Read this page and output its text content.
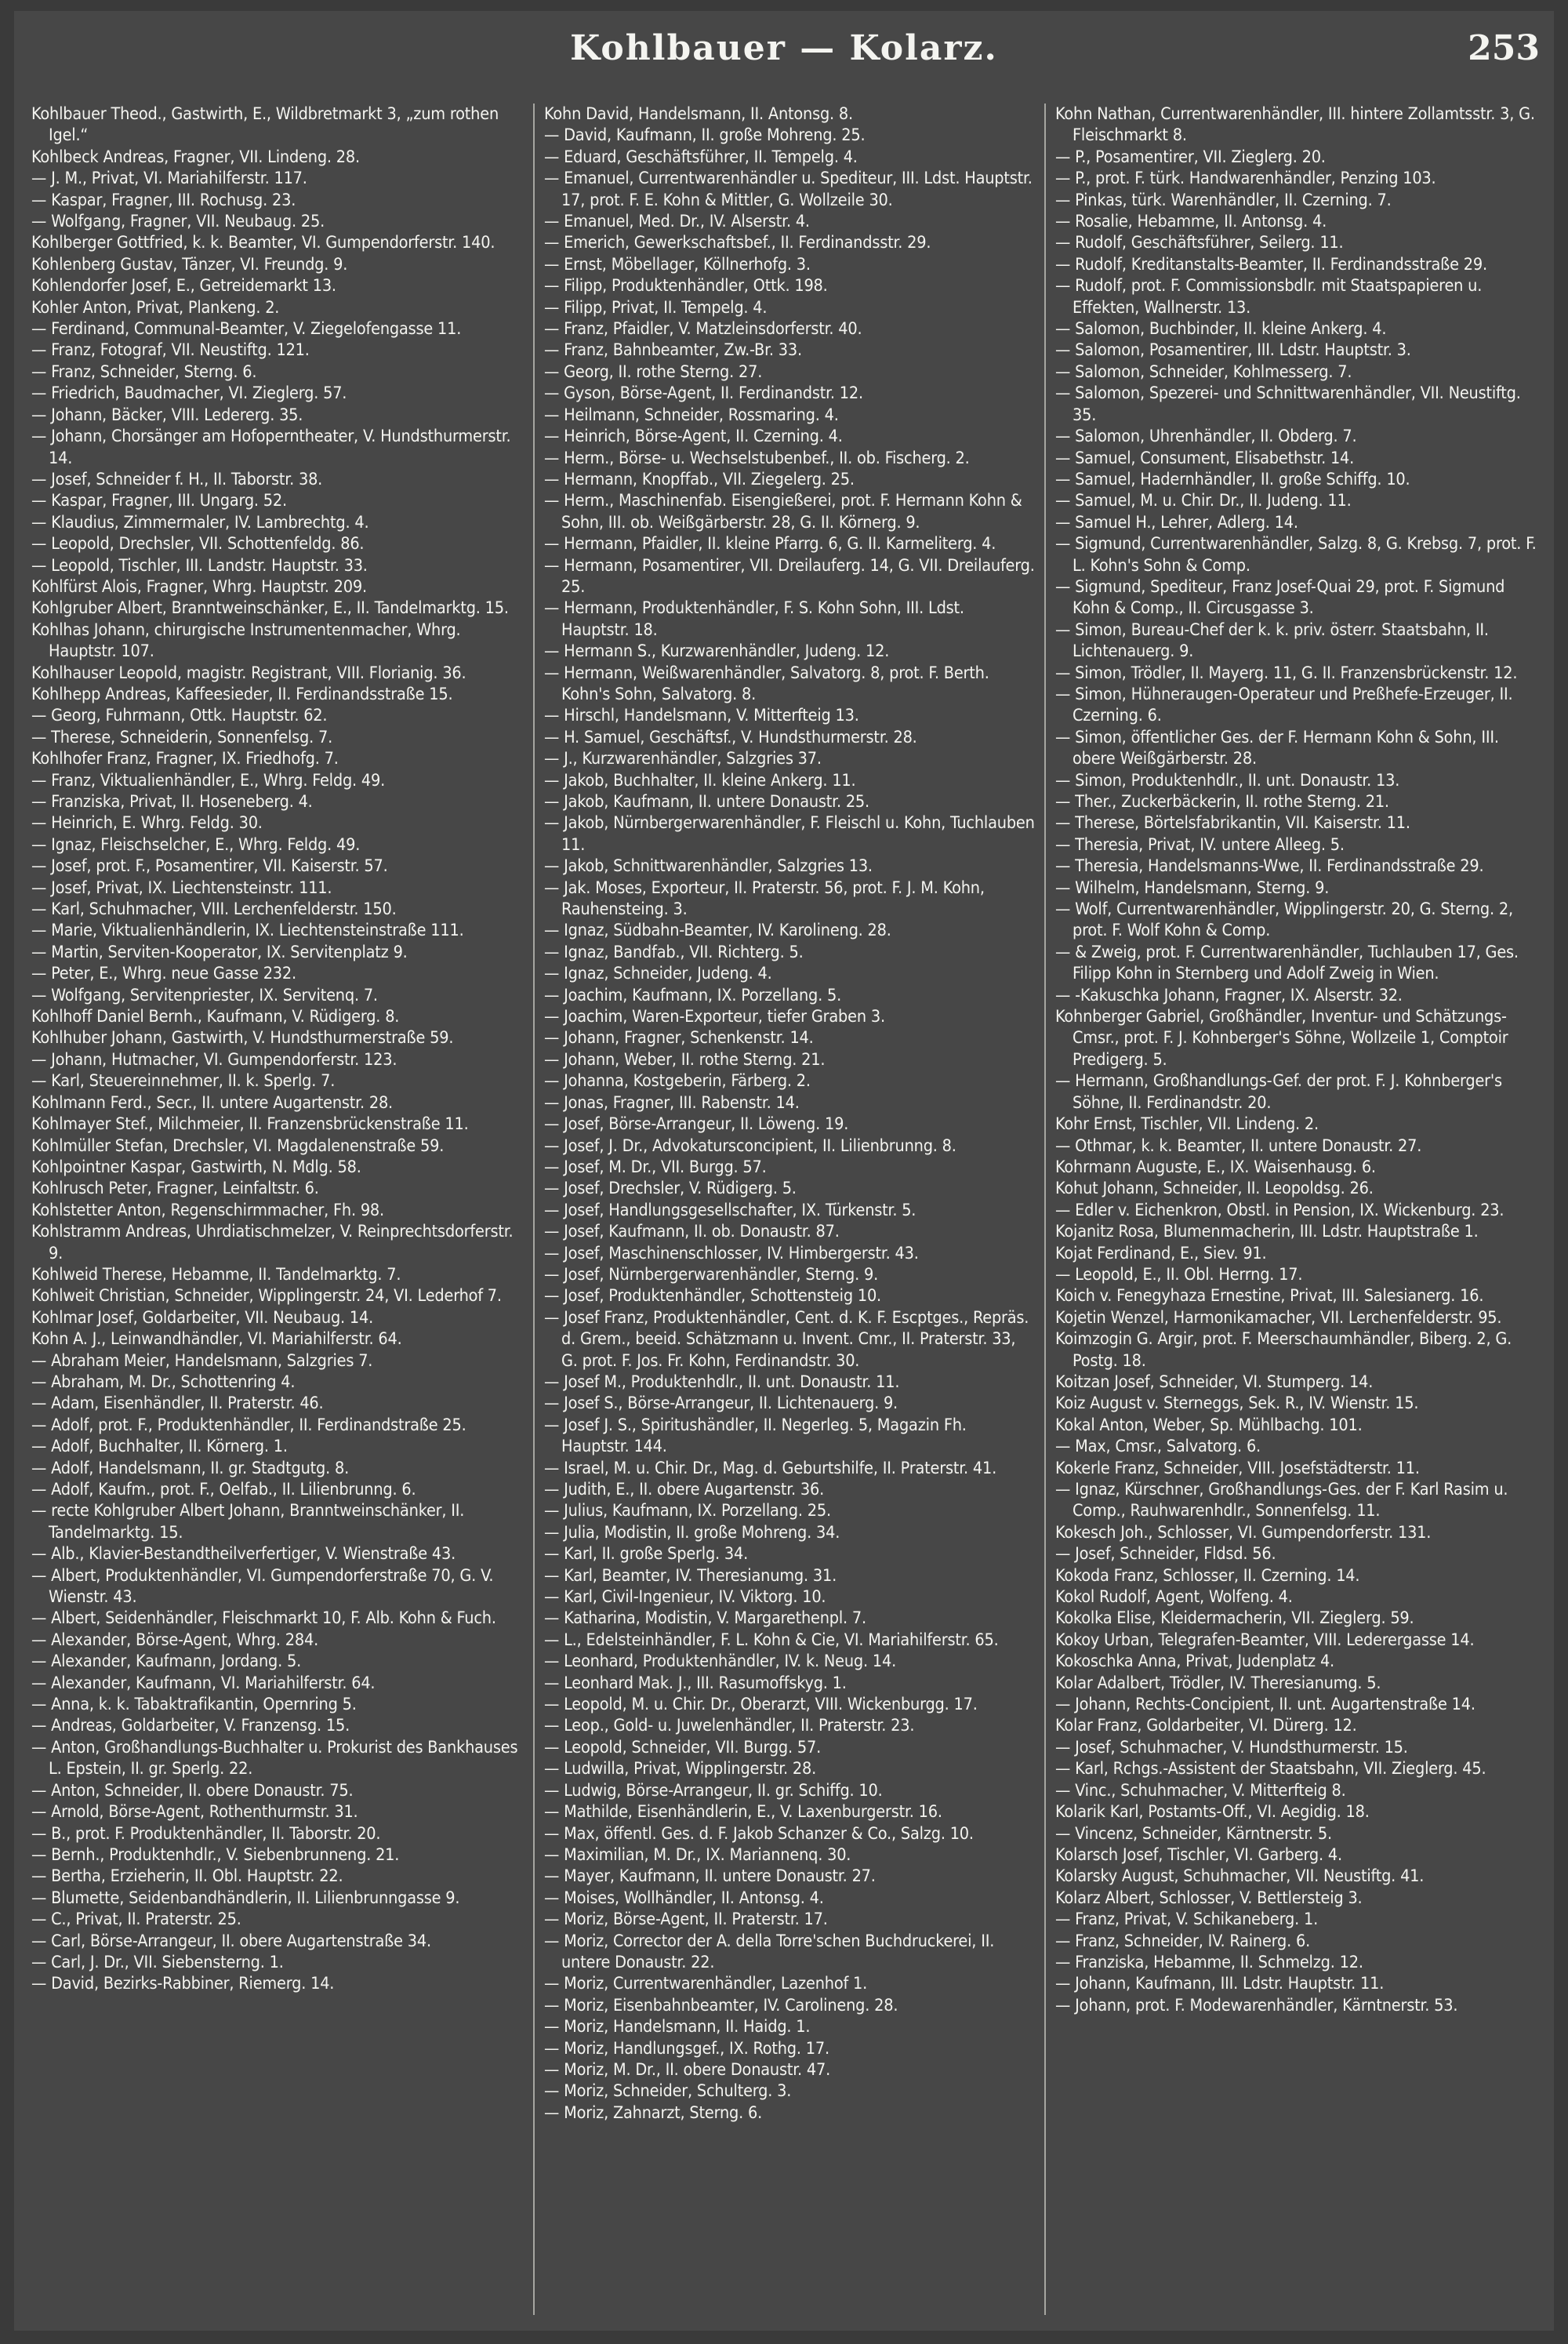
Kohlbauer — Kolarz.	253

Kohlbauer Theod., Gastwirth, E., Wildbretmarkt 3, „zum rothen Igel.“

Kohlbeck Andreas, Fragner, VII. Lindeng. 28.

— J. M., Privat, VI. Mariahilferstr. 117.

— Kaspar, Fragner, III. Rochusg. 23.

— Wolfgang, Fragner, VII. Neubaug. 25.

Kohlberger Gottfried, k. k. Beamter, VI. Gumpendorferstr. 140.

Kohlenberg Gustav, Tänzer, VI. Freundg. 9.

Kohlendorfer Josef, E., Getreidemarkt 13.

Kohler Anton, Privat, Plankeng. 2.

— Ferdinand, Communal-Beamter, V. Ziegelofengasse 11.

— Franz, Fotograf, VII. Neustiftg. 121.

— Franz, Schneider, Sterng. 6.

— Friedrich, Baudmacher, VI. Zieglerg. 57.

— Johann, Bäcker, VIII. Ledererg. 35.

— Johann, Chorsänger am Hofoperntheater, V. Hundsthurmerstr. 14.

— Josef, Schneider f. H., II. Taborstr. 38.

— Kaspar, Fragner, III. Ungarg. 52.

— Klaudius, Zimmermaler, IV. Lambrechtg. 4.

— Leopold, Drechsler, VII. Schottenfeldg. 86.

— Leopold, Tischler, III. Landstr. Hauptstr. 33.

Kohlfürst Alois, Fragner, Whrg. Hauptstr. 209.

Kohlgruber Albert, Branntweinschänker, E., II. Tandelmarktg. 15.

Kohlhas Johann, chirurgische Instrumentenmacher, Whrg. Hauptstr. 107.

Kohlhauser Leopold, magistr. Registrant, VIII. Florianig. 36.

Kohlhepp Andreas, Kaffeesieder, II. Ferdinandsstraße 15.

— Georg, Fuhrmann, Ottk. Hauptstr. 62.

— Therese, Schneiderin, Sonnenfelsg. 7.

Kohlhofer Franz, Fragner, IX. Friedhofg. 7.

— Franz, Viktualienhändler, E., Whrg. Feldg. 49.

— Franziska, Privat, II. Hoseneberg. 4.

— Heinrich, E. Whrg. Feldg. 30.

— Ignaz, Fleischselcher, E., Whrg. Feldg. 49.

— Josef, prot. F., Posamentirer, VII. Kaiserstr. 57.

— Josef, Privat, IX. Liechtensteinstr. 111.

— Karl, Schuhmacher, VIII. Lerchenfelderstr. 150.

— Marie, Viktualienhändlerin, IX. Liechtensteinstraße 111.

— Martin, Serviten-Kooperator, IX. Servitenplatz 9.

— Peter, E., Whrg. neue Gasse 232.

— Wolfgang, Servitenpriester, IX. Servitenq. 7.

Kohlhoff Daniel Bernh., Kaufmann, V. Rüdigerg. 8.

Kohlhuber Johann, Gastwirth, V. Hundsthurmerstraße 59.

— Johann, Hutmacher, VI. Gumpendorferstr. 123.

— Karl, Steuereinnehmer, II. k. Sperlg. 7.

Kohlmann Ferd., Secr., II. untere Augartenstr. 28.

Kohlmayer Stef., Milchmeier, II. Franzensbrückenstraße 11.

Kohlmüller Stefan, Drechsler, VI. Magdalenenstraße 59.

Kohlpointner Kaspar, Gastwirth, N. Mdlg. 58.

Kohlrusch Peter, Fragner, Leinfaltstr. 6.

Kohlstetter Anton, Regenschirmmacher, Fh. 98.

Kohlstramm Andreas, Uhrdiatischmelzer, V. Reinprechtsdorferstr. 9.

Kohlweid Therese, Hebamme, II. Tandelmarktg. 7.

Kohlweit Christian, Schneider, Wipplingerstr. 24, VI. Lederhof 7.

Kohlmar Josef, Goldarbeiter, VII. Neubaug. 14.

Kohn A. J., Leinwandhändler, VI. Mariahilferstr. 64.

— Abraham Meier, Handelsmann, Salzgries 7.

— Abraham, M. Dr., Schottenring 4.

— Adam, Eisenhändler, II. Praterstr. 46.

— Adolf, prot. F., Produktenhändler, II. Ferdinandstraße 25.

— Adolf, Buchhalter, II. Körnerg. 1.

— Adolf, Handelsmann, II. gr. Stadtgutg. 8.

— Adolf, Kaufm., prot. F., Oelfab., II. Lilienbrunng. 6.

— recte Kohlgruber Albert Johann, Branntweinschänker, II. Tandelmarktg. 15.

— Alb., Klavier-Bestandtheilverfertiger, V. Wienstraße 43.

— Albert, Produktenhändler, VI. Gumpendorferstraße 70, G. V. Wienstr. 43.

— Albert, Seidenhändler, Fleischmarkt 10, F. Alb. Kohn & Fuch.

— Alexander, Börse-Agent, Whrg. 284.

— Alexander, Kaufmann, Jordang. 5.

— Alexander, Kaufmann, VI. Mariahilferstr. 64.

— Anna, k. k. Tabaktrafikantin, Opernring 5.

— Andreas, Goldarbeiter, V. Franzensg. 15.

— Anton, Großhandlungs-Buchhalter u. Prokurist des Bankhauses L. Epstein, II. gr. Sperlg. 22.

— Anton, Schneider, II. obere Donaustr. 75.

— Arnold, Börse-Agent, Rothenthurmstr. 31.

— B., prot. F. Produktenhändler, II. Taborstr. 20.

— Bernh., Produktenhdlr., V. Siebenbrunneng. 21.

— Bertha, Erzieherin, II. Obl. Hauptstr. 22.

— Blumette, Seidenbandhändlerin, II. Lilienbrunngasse 9.

— C., Privat, II. Praterstr. 25.

— Carl, Börse-Arrangeur, II. obere Augartenstraße 34.

— Carl, J. Dr., VII. Siebensterng. 1.

— David, Bezirks-Rabbiner, Riemerg. 14.

Kohn David, Handelsmann, II. Antonsg. 8.

— David, Kaufmann, II. große Mohreng. 25.

— Eduard, Geschäftsführer, II. Tempelg. 4.

— Emanuel, Currentwarenhändler u. Spediteur, III. Ldst. Hauptstr. 17, prot. F. E. Kohn & Mittler, G. Wollzeile 30.

— Emanuel, Med. Dr., IV. Alserstr. 4.

— Emerich, Gewerkschaftsbef., II. Ferdinandsstr. 29.

— Ernst, Möbellager, Köllnerhofg. 3.

— Filipp, Produktenhändler, Ottk. 198.

— Filipp, Privat, II. Tempelg. 4.

— Franz, Pfaidler, V. Matzleinsdorferstr. 40.

— Franz, Bahnbeamter, Zw.-Br. 33.

— Georg, II. rothe Sterng. 27.

— Gyson, Börse-Agent, II. Ferdinandstr. 12.

— Heilmann, Schneider, Rossmaring. 4.

— Heinrich, Börse-Agent, II. Czerning. 4.

— Herm., Börse- u. Wechselstubenbef., II. ob. Fischerg. 2.

— Hermann, Knopffab., VII. Ziegelerg. 25.

— Herm., Maschinenfab. Eisengießerei, prot. F. Hermann Kohn & Sohn, III. ob. Weißgärberstr. 28, G. II. Körnerg. 9.

— Hermann, Pfaidler, II. kleine Pfarrg. 6, G. II. Karmeliterg. 4.

— Hermann, Posamentirer, VII. Dreilauferg. 14, G. VII. Dreilauferg. 25.

— Hermann, Produktenhändler, F. S. Kohn Sohn, III. Ldst. Hauptstr. 18.

— Hermann S., Kurzwarenhändler, Judeng. 12.

— Hermann, Weißwarenhändler, Salvatorg. 8, prot. F. Berth. Kohn's Sohn, Salvatorg. 8.

— Hirschl, Handelsmann, V. Mitterfteig 13.

— H. Samuel, Geschäftsf., V. Hundsthurmerstr. 28.

— J., Kurzwarenhändler, Salzgries 37.

— Jakob, Buchhalter, II. kleine Ankerg. 11.

— Jakob, Kaufmann, II. untere Donaustr. 25.

— Jakob, Nürnbergerwarenhändler, F. Fleischl u. Kohn, Tuchlauben 11.

— Jakob, Schnittwarenhändler, Salzgries 13.

— Jak. Moses, Exporteur, II. Praterstr. 56, prot. F. J. M. Kohn, Rauhensteing. 3.

— Ignaz, Südbahn-Beamter, IV. Karolineng. 28.

— Ignaz, Bandfab., VII. Richterg. 5.

— Ignaz, Schneider, Judeng. 4.

— Joachim, Kaufmann, IX. Porzellang. 5.

— Joachim, Waren-Exporteur, tiefer Graben 3.

— Johann, Fragner, Schenkenstr. 14.

— Johann, Weber, II. rothe Sterng. 21.

— Johanna, Kostgeberin, Färberg. 2.

— Jonas, Fragner, III. Rabenstr. 14.

— Josef, Börse-Arrangeur, II. Löweng. 19.

— Josef, J. Dr., Advokatursconcipient, II. Lilienbrunng. 8.

— Josef, M. Dr., VII. Burgg. 57.

— Josef, Drechsler, V. Rüdigerg. 5.

— Josef, Handlungsgesellschafter, IX. Türkenstr. 5.

— Josef, Kaufmann, II. ob. Donaustr. 87.

— Josef, Maschinenschlosser, IV. Himbergerstr. 43.

— Josef, Nürnbergerwarenhändler, Sterng. 9.

— Josef, Produktenhändler, Schottensteig 10.

— Josef Franz, Produktenhändler, Cent. d. K. F. Escptges., Repräs. d. Grem., beeid. Schätzmann u. Invent. Cmr., II. Praterstr. 33, G. prot. F. Jos. Fr. Kohn, Ferdinandstr. 30.

— Josef M., Produktenhdlr., II. unt. Donaustr. 11.

— Josef S., Börse-Arrangeur, II. Lichtenauerg. 9.

— Josef J. S., Spiritushändler, II. Negerleg. 5, Magazin Fh. Hauptstr. 144.

— Israel, M. u. Chir. Dr., Mag. d. Geburtshilfe, II. Praterstr. 41.

— Judith, E., II. obere Augartenstr. 36.

— Julius, Kaufmann, IX. Porzellang. 25.

— Julia, Modistin, II. große Mohreng. 34.

— Karl, II. große Sperlg. 34.

— Karl, Beamter, IV. Theresianumg. 31.

— Karl, Civil-Ingenieur, IV. Viktorg. 10.

— Katharina, Modistin, V. Margarethenpl. 7.

— L., Edelsteinhändler, F. L. Kohn & Cie, VI. Mariahilferstr. 65.

— Leonhard, Produktenhändler, IV. k. Neug. 14.

— Leonhard Mak. J., III. Rasumoffskyg. 1.

— Leopold, M. u. Chir. Dr., Oberarzt, VIII. Wickenburgg. 17.

— Leop., Gold- u. Juwelenhändler, II. Praterstr. 23.

— Leopold, Schneider, VII. Burgg. 57.

— Ludwilla, Privat, Wipplingerstr. 28.

— Ludwig, Börse-Arrangeur, II. gr. Schiffg. 10.

— Mathilde, Eisenhändlerin, E., V. Laxenburgerstr. 16.

— Max, öffentl. Ges. d. F. Jakob Schanzer & Co., Salzg. 10.

— Maximilian, M. Dr., IX. Mariannenq. 30.

— Mayer, Kaufmann, II. untere Donaustr. 27.

— Moises, Wollhändler, II. Antonsg. 4.

— Moriz, Börse-Agent, II. Praterstr. 17.

— Moriz, Corrector der A. della Torre'schen Buchdruckerei, II. untere Donaustr. 22.

— Moriz, Currentwarenhändler, Lazenhof 1.

— Moriz, Eisenbahnbeamter, IV. Carolineng. 28.

— Moriz, Handelsmann, II. Haidg. 1.

— Moriz, Handlungsgef., IX. Rothg. 17.

— Moriz, M. Dr., II. obere Donaustr. 47.

— Moriz, Schneider, Schulterg. 3.

— Moriz, Zahnarzt, Sterng. 6.

Kohn Nathan, Currentwarenhändler, III. hintere Zollamtsstr. 3, G. Fleischmarkt 8.

— P., Posamentirer, VII. Zieglerg. 20.

— P., prot. F. türk. Handwarenhändler, Penzing 103.

— Pinkas, türk. Warenhändler, II. Czerning. 7.

— Rosalie, Hebamme, II. Antonsg. 4.

— Rudolf, Geschäftsführer, Seilerg. 11.

— Rudolf, Kreditanstalts-Beamter, II. Ferdinandsstraße 29.

— Rudolf, prot. F. Commissionsbdlr. mit Staatspapieren u. Effekten, Wallnerstr. 13.

— Salomon, Buchbinder, II. kleine Ankerg. 4.

— Salomon, Posamentirer, III. Ldstr. Hauptstr. 3.

— Salomon, Schneider, Kohlmesserg. 7.

— Salomon, Spezerei- und Schnittwarenhändler, VII. Neustiftg. 35.

— Salomon, Uhrenhändler, II. Obderg. 7.

— Samuel, Consument, Elisabethstr. 14.

— Samuel, Hadernhändler, II. große Schiffg. 10.

— Samuel, M. u. Chir. Dr., II. Judeng. 11.

— Samuel H., Lehrer, Adlerg. 14.

— Sigmund, Currentwarenhändler, Salzg. 8, G. Krebsg. 7, prot. F. L. Kohn's Sohn & Comp.

— Sigmund, Spediteur, Franz Josef-Quai 29, prot. F. Sigmund Kohn & Comp., II. Circusgasse 3.

— Simon, Bureau-Chef der k. k. priv. österr. Staatsbahn, II. Lichtenauerg. 9.

— Simon, Trödler, II. Mayerg. 11, G. II. Franzensbrückenstr. 12.

— Simon, Hühneraugen-Operateur und Preßhefe-Erzeuger, II. Czerning. 6.

— Simon, öffentlicher Ges. der F. Hermann Kohn & Sohn, III. obere Weißgärberstr. 28.

— Simon, Produktenhdlr., II. unt. Donaustr. 13.

— Ther., Zuckerbäckerin, II. rothe Sterng. 21.

— Therese, Börtelsfabrikantin, VII. Kaiserstr. 11.

— Theresia, Privat, IV. untere Alleeg. 5.

— Theresia, Handelsmanns-Wwe, II. Ferdinandsstraße 29.

— Wilhelm, Handelsmann, Sterng. 9.

— Wolf, Currentwarenhändler, Wipplingerstr. 20, G. Sterng. 2, prot. F. Wolf Kohn & Comp.

— & Zweig, prot. F. Currentwarenhändler, Tuchlauben 17, Ges. Filipp Kohn in Sternberg und Adolf Zweig in Wien.

— -Kakuschka Johann, Fragner, IX. Alserstr. 32.

Kohnberger Gabriel, Großhändler, Inventur- und Schätzungs-Cmsr., prot. F. J. Kohnberger's Söhne, Wollzeile 1, Comptoir Predigerg. 5.

— Hermann, Großhandlungs-Gef. der prot. F. J. Kohnberger's Söhne, II. Ferdinandstr. 20.

Kohr Ernst, Tischler, VII. Lindeng. 2.

— Othmar, k. k. Beamter, II. untere Donaustr. 27.

Kohrmann Auguste, E., IX. Waisenhausg. 6.

Kohut Johann, Schneider, II. Leopoldsg. 26.

— Edler v. Eichenkron, Obstl. in Pension, IX. Wickenburg. 23.

Kojanitz Rosa, Blumenmacherin, III. Ldstr. Hauptstraße 1.

Kojat Ferdinand, E., Siev. 91.

— Leopold, E., II. Obl. Herrng. 17.

Koich v. Fenegyhaza Ernestine, Privat, III. Salesianerg. 16.

Kojetin Wenzel, Harmonikamacher, VII. Lerchenfelderstr. 95.

Koimzogin G. Argir, prot. F. Meerschaumhändler, Biberg. 2, G. Postg. 18.

Koitzan Josef, Schneider, VI. Stumperg. 14.

Koiz August v. Sterneggs, Sek. R., IV. Wienstr. 15.

Kokal Anton, Weber, Sp. Mühlbachg. 101.

— Max, Cmsr., Salvatorg. 6.

Kokerle Franz, Schneider, VIII. Josefstädterstr. 11.

— Ignaz, Kürschner, Großhandlungs-Ges. der F. Karl Rasim u. Comp., Rauhwarenhdlr., Sonnenfelsg. 11.

Kokesch Joh., Schlosser, VI. Gumpendorferstr. 131.

— Josef, Schneider, Fldsd. 56.

Kokoda Franz, Schlosser, II. Czerning. 14.

Kokol Rudolf, Agent, Wolfeng. 4.

Kokolka Elise, Kleidermacherin, VII. Zieglerg. 59.

Kokoy Urban, Telegrafen-Beamter, VIII. Lederergasse 14.

Kokoschka Anna, Privat, Judenplatz 4.

Kolar Adalbert, Trödler, IV. Theresianumg. 5.

— Johann, Rechts-Concipient, II. unt. Augartenstraße 14.

Kolar Franz, Goldarbeiter, VI. Dürerg. 12.

— Josef, Schuhmacher, V. Hundsthurmerstr. 15.

— Karl, Rchgs.-Assistent der Staatsbahn, VII. Zieglerg. 45.

— Vinc., Schuhmacher, V. Mitterfteig 8.

Kolarik Karl, Postamts-Off., VI. Aegidig. 18.

— Vincenz, Schneider, Kärntnerstr. 5.

Kolarsch Josef, Tischler, VI. Garberg. 4.

Kolarsky August, Schuhmacher, VII. Neustiftg. 41.

Kolarz Albert, Schlosser, V. Bettlersteig 3.

— Franz, Privat, V. Schikaneberg. 1.

— Franz, Schneider, IV. Rainerg. 6.

— Franziska, Hebamme, II. Schmelzg. 12.

— Johann, Kaufmann, III. Ldstr. Hauptstr. 11.

— Johann, prot. F. Modewarenhändler, Kärntnerstr. 53.
